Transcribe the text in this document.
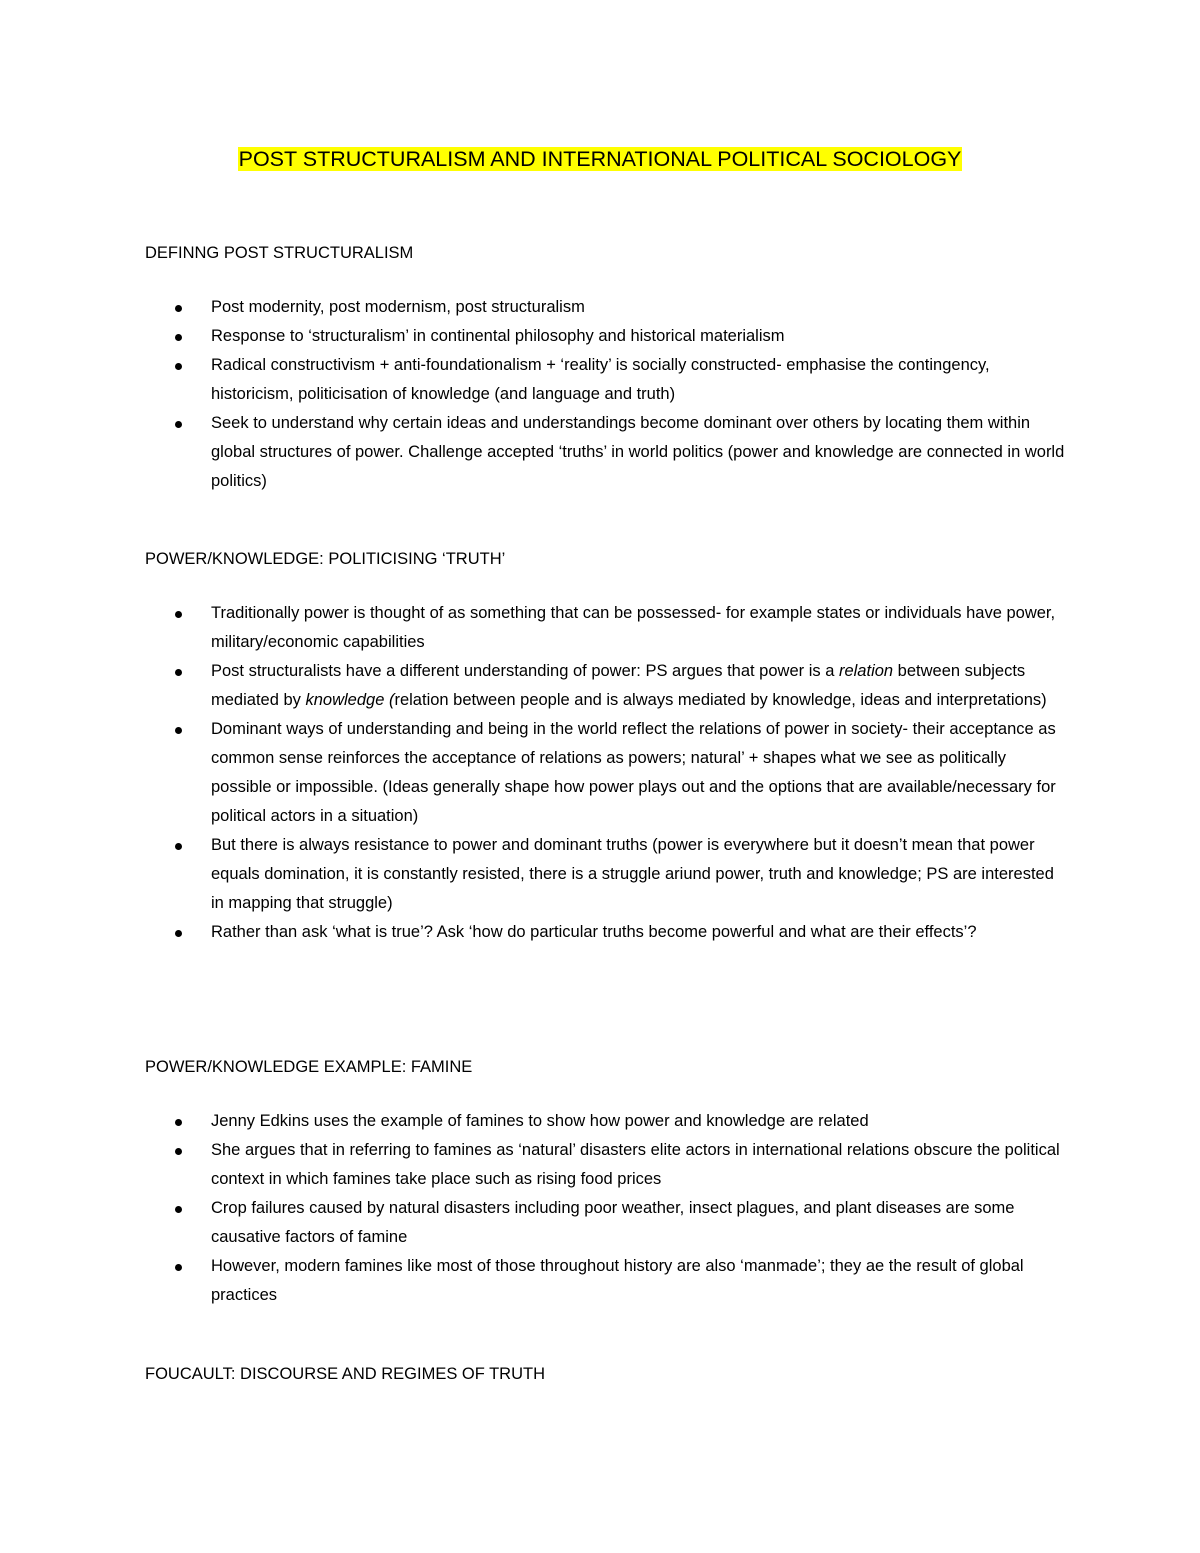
POST STRUCTURALISM AND INTERNATIONAL POLITICAL SOCIOLOGY
DEFINNG POST STRUCTURALISM
Post modernity, post modernism, post structuralism
Response to ‘structuralism’ in continental philosophy and historical materialism
Radical constructivism + anti-foundationalism + ‘reality’ is socially constructed- emphasise the contingency, historicism, politicisation of knowledge (and language and truth)
Seek to understand why certain ideas and understandings become dominant over others by locating them within global structures of power. Challenge accepted ‘truths’ in world politics (power and knowledge are connected in world politics)
POWER/KNOWLEDGE: POLITICISING ‘TRUTH’
Traditionally power is thought of as something that can be possessed- for example states or individuals have power, military/economic capabilities
Post structuralists have a different understanding of power: PS argues that power is a relation between subjects mediated by knowledge (relation between people and is always mediated by knowledge, ideas and interpretations)
Dominant ways of understanding and being in the world reflect the relations of power in society- their acceptance as common sense reinforces the acceptance of relations as powers; natural’ + shapes what we see as politically possible or impossible. (Ideas generally shape how power plays out and the options that are available/necessary for political actors in a situation)
But there is always resistance to power and dominant truths (power is everywhere but it doesn’t mean that power equals domination, it is constantly resisted, there is a struggle ariund power, truth and knowledge; PS are interested in mapping that struggle)
Rather than ask ‘what is true’? Ask ‘how do particular truths become powerful and what are their effects’?
POWER/KNOWLEDGE EXAMPLE: FAMINE
Jenny Edkins uses the example of famines to show how power and knowledge are related
She argues that in referring to famines as ‘natural’ disasters elite actors in international relations obscure the political context in which famines take place such as rising food prices
Crop failures caused by natural disasters including poor weather, insect plagues, and plant diseases are some causative factors of famine
However, modern famines like most of those throughout history are also ‘manmade’; they ae the result of global practices
FOUCAULT: DISCOURSE AND REGIMES OF TRUTH
